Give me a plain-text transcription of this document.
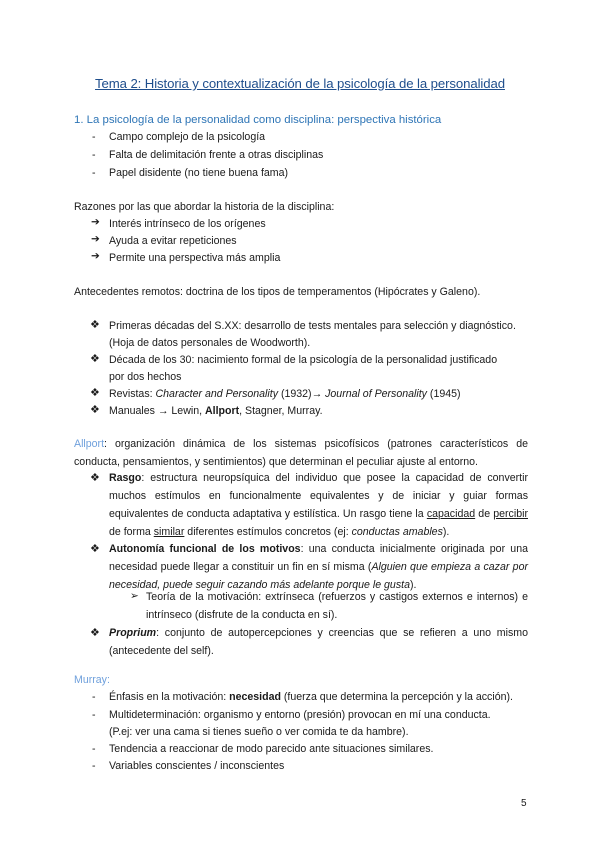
Tema 2: Historia y contextualización de la psicología de la personalidad
1. La psicología de la personalidad como disciplina: perspectiva histórica
- Campo complejo de la psicología
- Falta de delimitación frente a otras disciplinas
- Papel disidente (no tiene buena fama)
Razones por las que abordar la historia de la disciplina:
➔ Interés intrínseco de los orígenes
➔ Ayuda a evitar repeticiones
➔ Permite una perspectiva más amplia
Antecedentes remotos: doctrina de los tipos de temperamentos (Hipócrates y Galeno).
❖ Primeras décadas del S.XX: desarrollo de tests mentales para selección y diagnóstico.
(Hoja de datos personales de Woodworth).
❖ Década de los 30: nacimiento formal de la psicología de la personalidad justificado
por dos hechos
❖ Revistas: Character and Personality (1932)→ Journal of Personality (1945)
❖ Manuales → Lewin, Allport, Stagner, Murray.
Allport: organización dinámica de los sistemas psicofísicos (patrones característicos de conducta, pensamientos, y sentimientos) que determinan el peculiar ajuste al entorno.
❖ Rasgo: estructura neuropsíquica del individuo que posee la capacidad de convertir muchos estímulos en funcionalmente equivalentes y de iniciar y guiar formas equivalentes de conducta adaptativa y estilística. Un rasgo tiene la capacidad de percibir de forma similar diferentes estímulos concretos (ej: conductas amables).
❖ Autonomía funcional de los motivos: una conducta inicialmente originada por una necesidad puede llegar a constituir un fin en sí misma (Alguien que empieza a cazar por necesidad, puede seguir cazando más adelante porque le gusta).
➢ Teoría de la motivación: extrínseca (refuerzos y castigos externos e internos) e intrínseco (disfrute de la conducta en sí).
❖ Proprium: conjunto de autopercepciones y creencias que se refieren a uno mismo (antecedente del self).
Murray:
- Énfasis en la motivación: necesidad (fuerza que determina la percepción y la acción).
- Multideterminación: organismo y entorno (presión) provocan en mí una conducta.
(P.ej: ver una cama si tienes sueño o ver comida te da hambre).
- Tendencia a reaccionar de modo parecido ante situaciones similares.
- Variables conscientes / inconscientes
5
